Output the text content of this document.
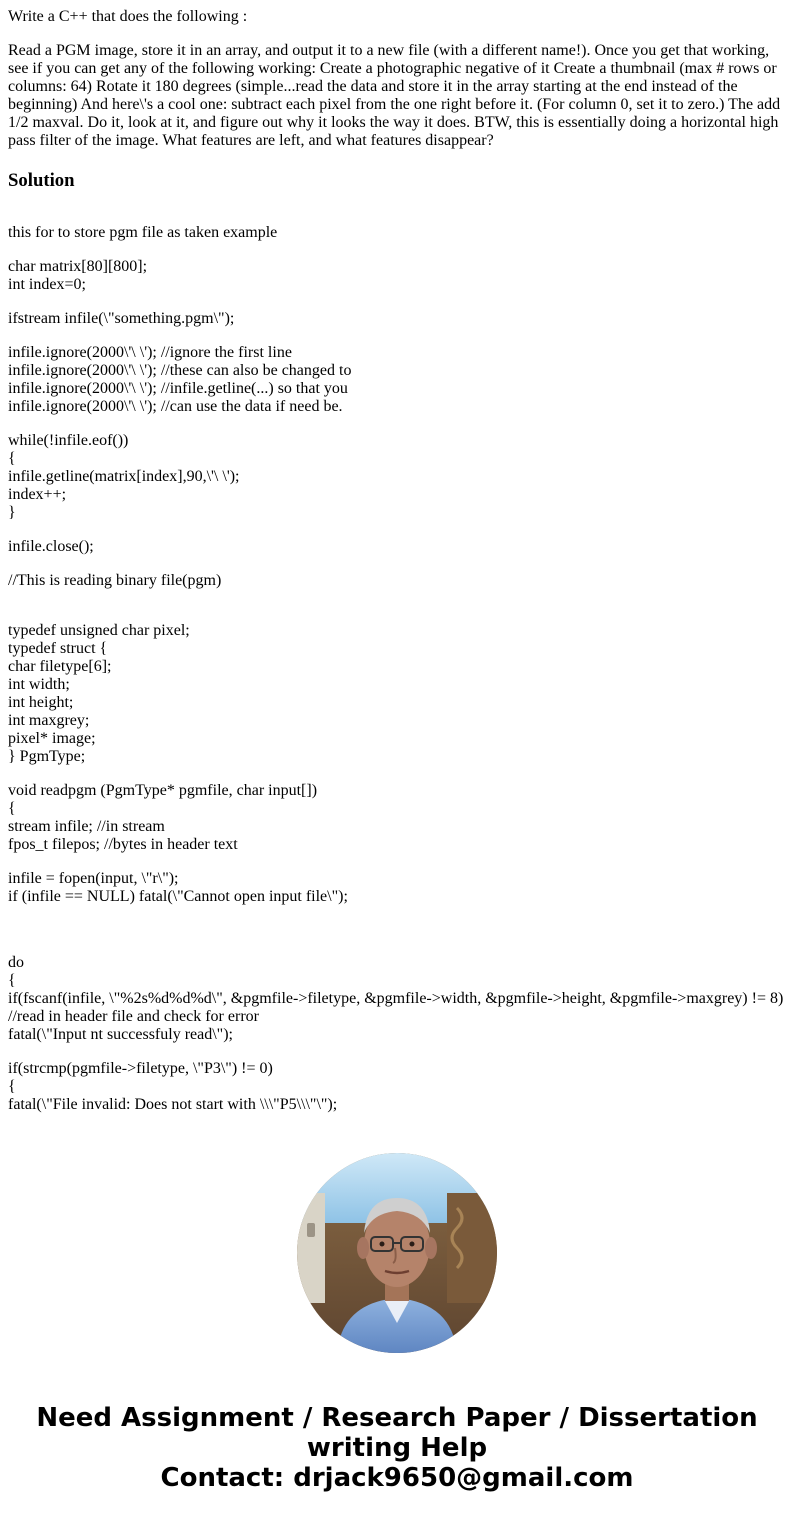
Write a C++ that does the following :

Read a PGM image, store it in an array, and output it to a new file (with a different name!). Once you get that working, see if you can get any of the following working: Create a photographic negative of it Create a thumbnail (max # rows or columns: 64) Rotate it 180 degrees (simple...read the data and store it in the array starting at the end instead of the beginning) And here\'s a cool one: subtract each pixel from the one right before it. (For column 0, set it to zero.) The add 1/2 maxval. Do it, look at it, and figure out why it looks the way it does. BTW, this is essentially doing a horizontal high pass filter of the image. What features are left, and what features disappear?

Solution

this for to store pgm file as taken example

char matrix[80][800];
int index=0;

ifstream infile(\"something.pgm\");

infile.ignore(2000\'\ \'); //ignore the first line
infile.ignore(2000\'\ \'); //these can also be changed to
infile.ignore(2000\'\ \'); //infile.getline(...) so that you
infile.ignore(2000\'\ \'); //can use the data if need be.

while(!infile.eof())
{
infile.getline(matrix[index],90,\'\ \');
index++;
}

infile.close();

//This is reading binary file(pgm)

typedef unsigned char pixel;
typedef struct {
char filetype[6];
int width;
int height;
int maxgrey;
pixel* image;
} PgmType;

void readpgm (PgmType* pgmfile, char input[])
{
stream infile; //in stream
fpos_t filepos; //bytes in header text

infile = fopen(input, \"r\");
if (infile == NULL) fatal(\"Cannot open input file\");

do
{
if(fscanf(infile, \"%2s%d%d%d\", &pgmfile->filetype, &pgmfile->width, &pgmfile->height, &pgmfile->maxgrey) != 8)
//read in header file and check for error
fatal(\"Input nt successfuly read\");

if(strcmp(pgmfile->filetype, \"P3\") != 0)
{
fatal(\"File invalid: Does not start with \\\"P5\\\"\");

Need Assignment / Research Paper / Dissertation
writing Help
Contact: drjack9650@gmail.com
